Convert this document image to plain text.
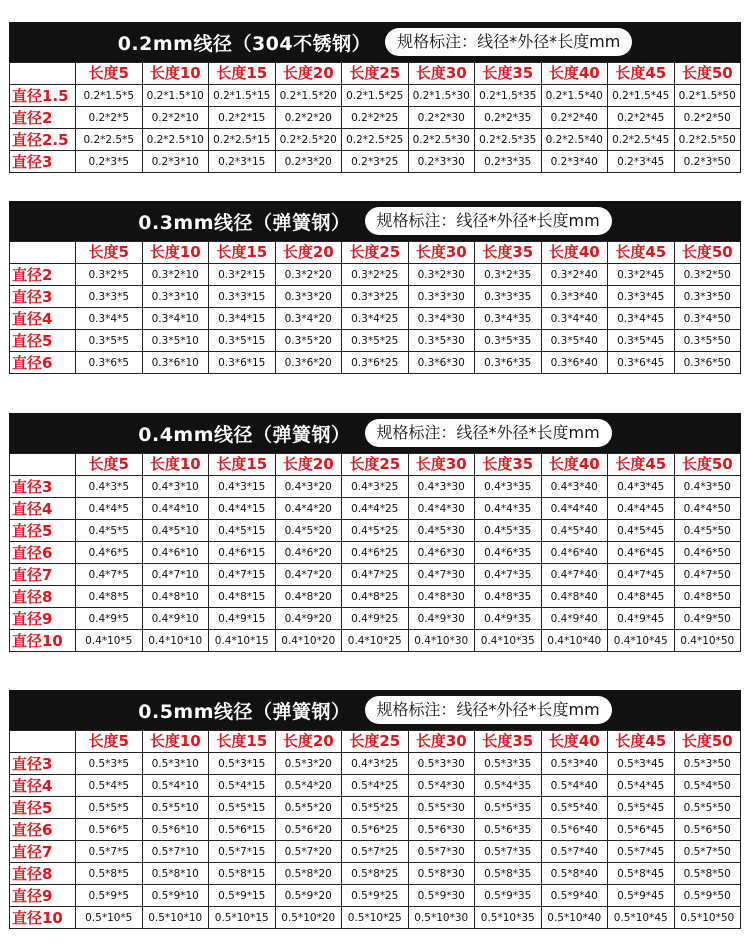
0.2mm线径（304不锈钢）	规格标注：线径*外径*长度mm
	长度5	长度10	长度15	长度20	长度25	长度30	长度35	长度40	长度45	长度50
直径1.5	0.2*1.5*5	0.2*1.5*10	0.2*1.5*15	0.2*1.5*20	0.2*1.5*25	0.2*1.5*30	0.2*1.5*35	0.2*1.5*40	0.2*1.5*45	0.2*1.5*50
直径2	0.2*2*5	0.2*2*10	0.2*2*15	0.2*2*20	0.2*2*25	0.2*2*30	0.2*2*35	0.2*2*40	0.2*2*45	0.2*2*50
直径2.5	0.2*2.5*5	0.2*2.5*10	0.2*2.5*15	0.2*2.5*20	0.2*2.5*25	0.2*2.5*30	0.2*2.5*35	0.2*2.5*40	0.2*2.5*45	0.2*2.5*50
直径3	0.2*3*5	0.2*3*10	0.2*3*15	0.2*3*20	0.2*3*25	0.2*3*30	0.2*3*35	0.2*3*40	0.2*3*45	0.2*3*50
0.3mm线径（弹簧钢）	规格标注：线径*外径*长度mm
	长度5	长度10	长度15	长度20	长度25	长度30	长度35	长度40	长度45	长度50
直径2	0.3*2*5	0.3*2*10	0.3*2*15	0.3*2*20	0.3*2*25	0.3*2*30	0.3*2*35	0.3*2*40	0.3*2*45	0.3*2*50
直径3	0.3*3*5	0.3*3*10	0.3*3*15	0.3*3*20	0.3*3*25	0.3*3*30	0.3*3*35	0.3*3*40	0.3*3*45	0.3*3*50
直径4	0.3*4*5	0.3*4*10	0.3*4*15	0.3*4*20	0.3*4*25	0.3*4*30	0.3*4*35	0.3*4*40	0.3*4*45	0.3*4*50
直径5	0.3*5*5	0.3*5*10	0.3*5*15	0.3*5*20	0.3*5*25	0.3*5*30	0.3*5*35	0.3*5*40	0.3*5*45	0.3*5*50
直径6	0.3*6*5	0.3*6*10	0.3*6*15	0.3*6*20	0.3*6*25	0.3*6*30	0.3*6*35	0.3*6*40	0.3*6*45	0.3*6*50
0.4mm线径（弹簧钢）	规格标注：线径*外径*长度mm
	长度5	长度10	长度15	长度20	长度25	长度30	长度35	长度40	长度45	长度50
直径3	0.4*3*5	0.4*3*10	0.4*3*15	0.4*3*20	0.4*3*25	0.4*3*30	0.4*3*35	0.4*3*40	0.4*3*45	0.4*3*50
直径4	0.4*4*5	0.4*4*10	0.4*4*15	0.4*4*20	0.4*4*25	0.4*4*30	0.4*4*35	0.4*4*40	0.4*4*45	0.4*4*50
直径5	0.4*5*5	0.4*5*10	0.4*5*15	0.4*5*20	0.4*5*25	0.4*5*30	0.4*5*35	0.4*5*40	0.4*5*45	0.4*5*50
直径6	0.4*6*5	0.4*6*10	0.4*6*15	0.4*6*20	0.4*6*25	0.4*6*30	0.4*6*35	0.4*6*40	0.4*6*45	0.4*6*50
直径7	0.4*7*5	0.4*7*10	0.4*7*15	0.4*7*20	0.4*7*25	0.4*7*30	0.4*7*35	0.4*7*40	0.4*7*45	0.4*7*50
直径8	0.4*8*5	0.4*8*10	0.4*8*15	0.4*8*20	0.4*8*25	0.4*8*30	0.4*8*35	0.4*8*40	0.4*8*45	0.4*8*50
直径9	0.4*9*5	0.4*9*10	0.4*9*15	0.4*9*20	0.4*9*25	0.4*9*30	0.4*9*35	0.4*9*40	0.4*9*45	0.4*9*50
直径10	0.4*10*5	0.4*10*10	0.4*10*15	0.4*10*20	0.4*10*25	0.4*10*30	0.4*10*35	0.4*10*40	0.4*10*45	0.4*10*50
0.5mm线径（弹簧钢）	规格标注：线径*外径*长度mm
	长度5	长度10	长度15	长度20	长度25	长度30	长度35	长度40	长度45	长度50
直径3	0.5*3*5	0.5*3*10	0.5*3*15	0.5*3*20	0.4*3*25	0.5*3*30	0.5*3*35	0.5*3*40	0.5*3*45	0.5*3*50
直径4	0.5*4*5	0.5*4*10	0.5*4*15	0.5*4*20	0.5*4*25	0.5*4*30	0.5*4*35	0.5*4*40	0.5*4*45	0.5*4*50
直径5	0.5*5*5	0.5*5*10	0.5*5*15	0.5*5*20	0.5*5*25	0.5*5*30	0.5*5*35	0.5*5*40	0.5*5*45	0.5*5*50
直径6	0.5*6*5	0.5*6*10	0.5*6*15	0.5*6*20	0.5*6*25	0.5*6*30	0.5*6*35	0.5*6*40	0.5*6*45	0.5*6*50
直径7	0.5*7*5	0.5*7*10	0.5*7*15	0.5*7*20	0.5*7*25	0.5*7*30	0.5*7*35	0.5*7*40	0.5*7*45	0.5*7*50
直径8	0.5*8*5	0.5*8*10	0.5*8*15	0.5*8*20	0.5*8*25	0.5*8*30	0.5*8*35	0.5*8*40	0.5*8*45	0.5*8*50
直径9	0.5*9*5	0.5*9*10	0.5*9*15	0.5*9*20	0.5*9*25	0.5*9*30	0.5*9*35	0.5*9*40	0.5*9*45	0.5*9*50
直径10	0.5*10*5	0.5*10*10	0.5*10*15	0.5*10*20	0.5*10*25	0.5*10*30	0.5*10*35	0.5*10*40	0.5*10*45	0.5*10*50
